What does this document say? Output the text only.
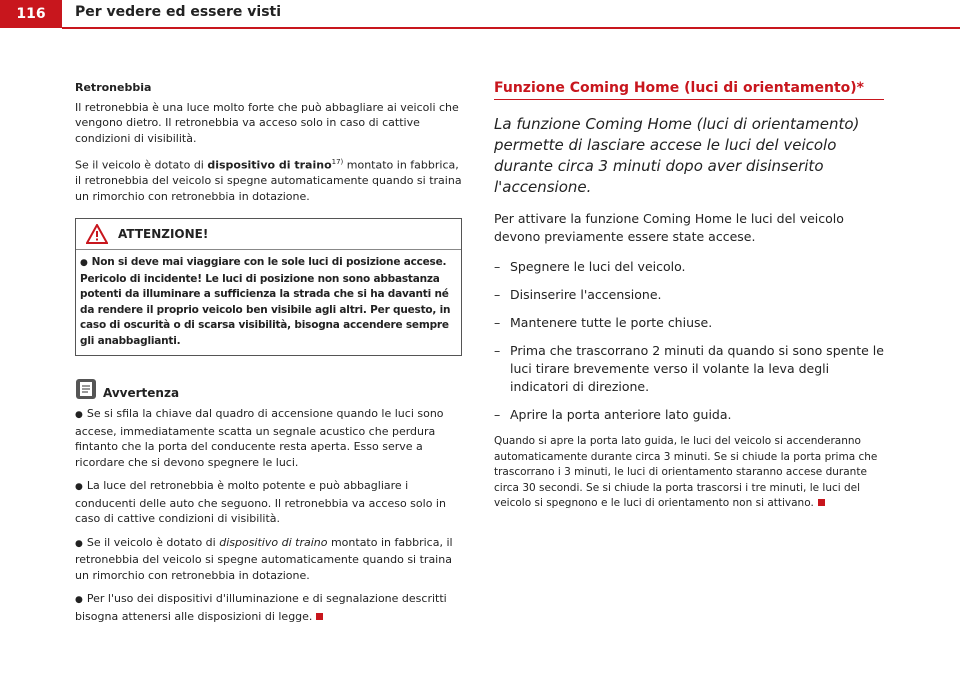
116	Per vedere ed essere visti
Retronebbia

Il retronebbia è una luce molto forte che può abbagliare ai veicoli che vengono dietro. Il retronebbia va acceso solo in caso di cattive condizioni di visibilità.

Se il veicolo è dotato di dispositivo di traino$^{17)}$ montato in fabbrica, il retronebbia del veicolo si spegne automaticamente quando si traina un rimorchio con retronebbia in dotazione.

ATTENZIONE!
● Non si deve mai viaggiare con le sole luci di posizione accese. Pericolo di incidente! Le luci di posizione non sono abbastanza potenti da illuminare a sufficienza la strada che si ha davanti né da rendere il proprio veicolo ben visibile agli altri. Per questo, in caso di oscurità o di scarsa visibilità, bisogna accendere sempre gli anabbaglianti.
Avvertenza

● Se si sfila la chiave dal quadro di accensione quando le luci sono accese, immediatamente scatta un segnale acustico che perdura fintanto che la porta del conducente resta aperta. Esso serve a ricordare che si devono spegnere le luci.

● La luce del retronebbia è molto potente e può abbagliare i conducenti delle auto che seguono. Il retronebbia va acceso solo in caso di cattive condizioni di visibilità.

● Se il veicolo è dotato di dispositivo di traino montato in fabbrica, il retronebbia del veicolo si spegne automaticamente quando si traina un rimorchio con retronebbia in dotazione.

● Per l'uso dei dispositivi d'illuminazione e di segnalazione descritti bisogna attenersi alle disposizioni di legge.

Funzione Coming Home (luci di orientamento)*
La funzione Coming Home (luci di orientamento) permette di lasciare accese le luci del veicolo durante circa 3 minuti dopo aver disinserito l'accensione.

Per attivare la funzione Coming Home le luci del veicolo devono previamente essere state accese.

– Spegnere le luci del veicolo.
– Disinserire l'accensione.
– Mantenere tutte le porte chiuse.
– Prima che trascorrano 2 minuti da quando si sono spente le luci tirare brevemente verso il volante la leva degli indicatori di direzione.
– Aprire la porta anteriore lato guida.

Quando si apre la porta lato guida, le luci del veicolo si accenderanno automaticamente durante circa 3 minuti. Se si chiude la porta prima che trascorrano i 3 minuti, le luci di orientamento staranno accese durante circa 30 secondi. Se si chiude la porta trascorsi i tre minuti, le luci del veicolo si spegnono e le luci di orientamento non si attivano.
